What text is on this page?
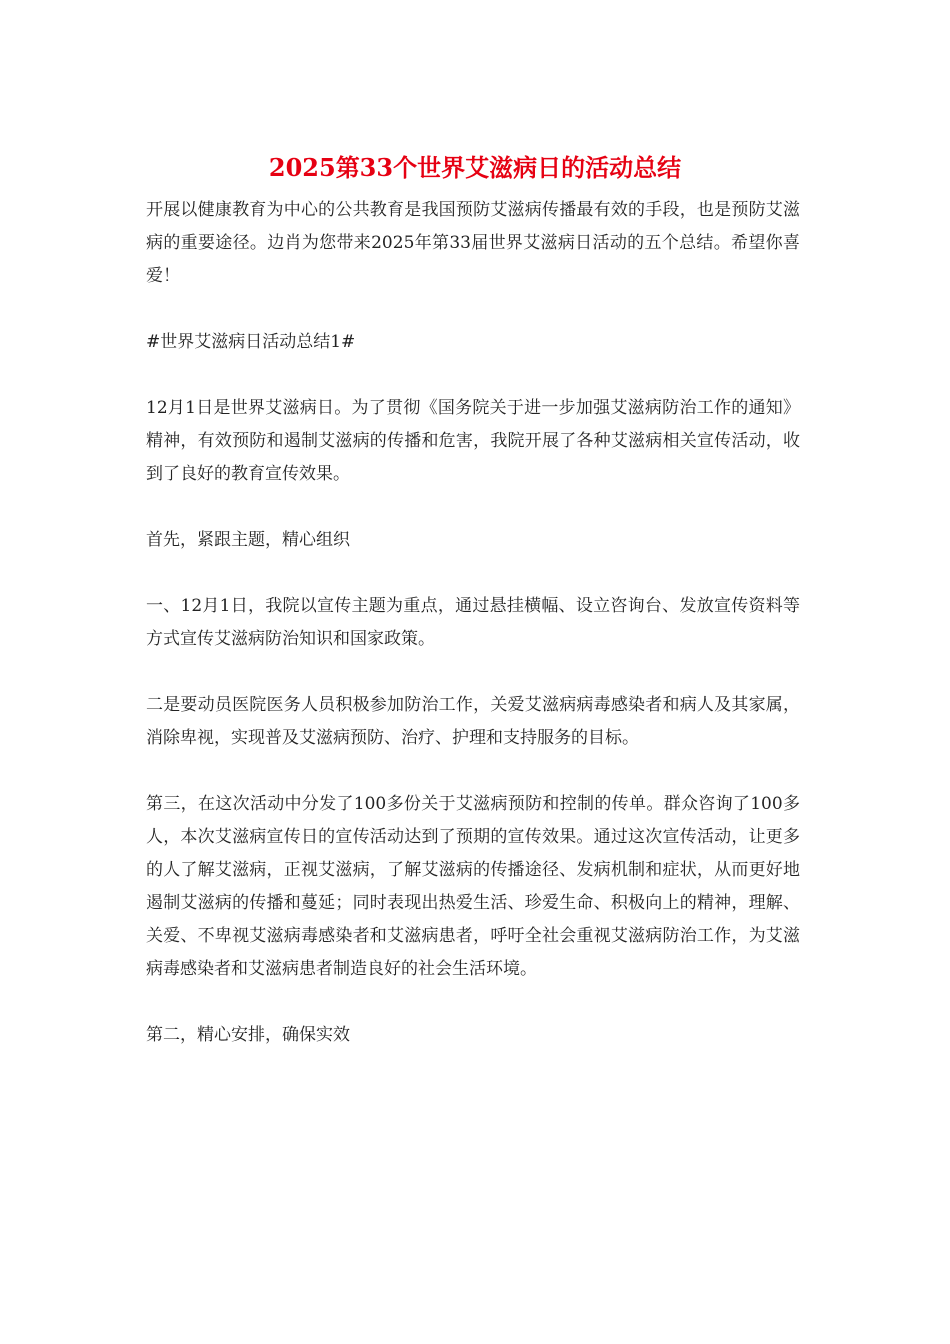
2025第33个世界艾滋病日的活动总结

开展以健康教育为中心的公共教育是我国预防艾滋病传播最有效的手段，也是预防艾滋病的重要途径。边肖为您带来2025年第33届世界艾滋病日活动的五个总结。希望你喜爱！

#世界艾滋病日活动总结1#

12月1日是世界艾滋病日。为了贯彻《国务院关于进一步加强艾滋病防治工作的通知》精神，有效预防和遏制艾滋病的传播和危害，我院开展了各种艾滋病相关宣传活动，收到了良好的教育宣传效果。

首先，紧跟主题，精心组织

一、12月1日，我院以宣传主题为重点，通过悬挂横幅、设立咨询台、发放宣传资料等方式宣传艾滋病防治知识和国家政策。

二是要动员医院医务人员积极参加防治工作，关爱艾滋病病毒感染者和病人及其家属，消除卑视，实现普及艾滋病预防、治疗、护理和支持服务的目标。

第三，在这次活动中分发了100多份关于艾滋病预防和控制的传单。群众咨询了100多人，本次艾滋病宣传日的宣传活动达到了预期的宣传效果。通过这次宣传活动，让更多的人了解艾滋病，正视艾滋病，了解艾滋病的传播途径、发病机制和症状，从而更好地遏制艾滋病的传播和蔓延；同时表现出热爱生活、珍爱生命、积极向上的精神，理解、关爱、不卑视艾滋病毒感染者和艾滋病患者，呼吁全社会重视艾滋病防治工作，为艾滋病毒感染者和艾滋病患者制造良好的社会生活环境。

第二，精心安排，确保实效
